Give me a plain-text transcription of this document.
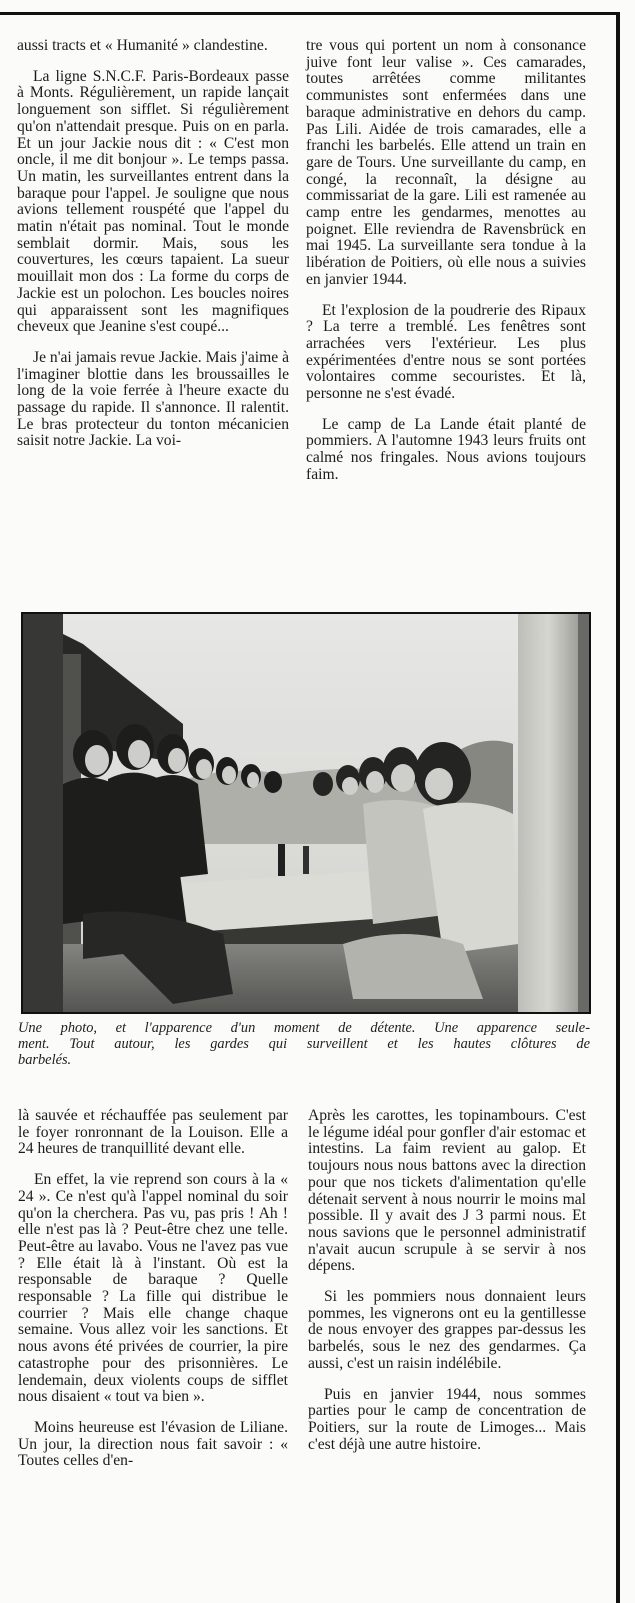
aussi tracts et « Humanité » clandestine.

La ligne S.N.C.F. Paris-Bordeaux passe à Monts. Régulièrement, un rapide lançait longuement son sifflet. Si régulièrement qu'on n'attendait presque. Puis on en parla. Et un jour Jackie nous dit : « C'est mon oncle, il me dit bonjour ». Le temps passa. Un matin, les surveillantes entrent dans la baraque pour l'appel. Je souligne que nous avions tellement rouspété que l'appel du matin n'était pas nominal. Tout le monde semblait dormir. Mais, sous les couvertures, les cœurs tapaient. La sueur mouillait mon dos : La forme du corps de Jackie est un polochon. Les boucles noires qui apparaissent sont les magnifiques cheveux que Jeanine s'est coupé...

Je n'ai jamais revue Jackie. Mais j'aime à l'imaginer blottie dans les broussailles le long de la voie ferrée à l'heure exacte du passage du rapide. Il s'annonce. Il ralentit. Le bras protecteur du tonton mécanicien saisit notre Jackie. La voi-

tre vous qui portent un nom à consonance juive font leur valise ». Ces camarades, toutes arrêtées comme militantes communistes sont enfermées dans une baraque administrative en dehors du camp. Pas Lili. Aidée de trois camarades, elle a franchi les barbelés. Elle attend un train en gare de Tours. Une surveillante du camp, en congé, la reconnaît, la désigne au commissariat de la gare. Lili est ramenée au camp entre les gendarmes, menottes au poignet. Elle reviendra de Ravensbrück en mai 1945. La surveillante sera tondue à la libération de Poitiers, où elle nous a suivies en janvier 1944.

Et l'explosion de la poudrerie des Ripaux ? La terre a tremblé. Les fenêtres sont arrachées vers l'extérieur. Les plus expérimentées d'entre nous se sont portées volontaires comme secouristes. Et là, personne ne s'est évadé.

Le camp de La Lande était planté de pommiers. A l'automne 1943 leurs fruits ont calmé nos fringales. Nous avions toujours faim.

Une photo, et l'apparence d'un moment de détente. Une apparence seule-
ment. Tout autour, les gardes qui surveillent et les hautes clôtures de
barbelés.

là sauvée et réchauffée pas seulement par le foyer ronronnant de la Louison. Elle a 24 heures de tranquillité devant elle.

En effet, la vie reprend son cours à la « 24 ». Ce n'est qu'à l'appel nominal du soir qu'on la cherchera. Pas vu, pas pris ! Ah ! elle n'est pas là ? Peut-être chez une telle. Peut-être au lavabo. Vous ne l'avez pas vue ? Elle était là à l'instant. Où est la responsable de baraque ? Quelle responsable ? La fille qui distribue le courrier ? Mais elle change chaque semaine. Vous allez voir les sanctions. Et nous avons été privées de courrier, la pire catastrophe pour des prisonnières. Le lendemain, deux violents coups de sifflet nous disaient « tout va bien ».

Moins heureuse est l'évasion de Liliane. Un jour, la direction nous fait savoir : « Toutes celles d'en-

Après les carottes, les topinambours. C'est le légume idéal pour gonfler d'air estomac et intestins. La faim revient au galop. Et toujours nous nous battons avec la direction pour que nos tickets d'alimentation qu'elle détenait servent à nous nourrir le moins mal possible. Il y avait des J 3 parmi nous. Et nous savions que le personnel administratif n'avait aucun scrupule à se servir à nos dépens.

Si les pommiers nous donnaient leurs pommes, les vignerons ont eu la gentillesse de nous envoyer des grappes par-dessus les barbelés, sous le nez des gendarmes. Ça aussi, c'est un raisin indélébile.

Puis en janvier 1944, nous sommes parties pour le camp de concentration de Poitiers, sur la route de Limoges... Mais c'est déjà une autre histoire.
